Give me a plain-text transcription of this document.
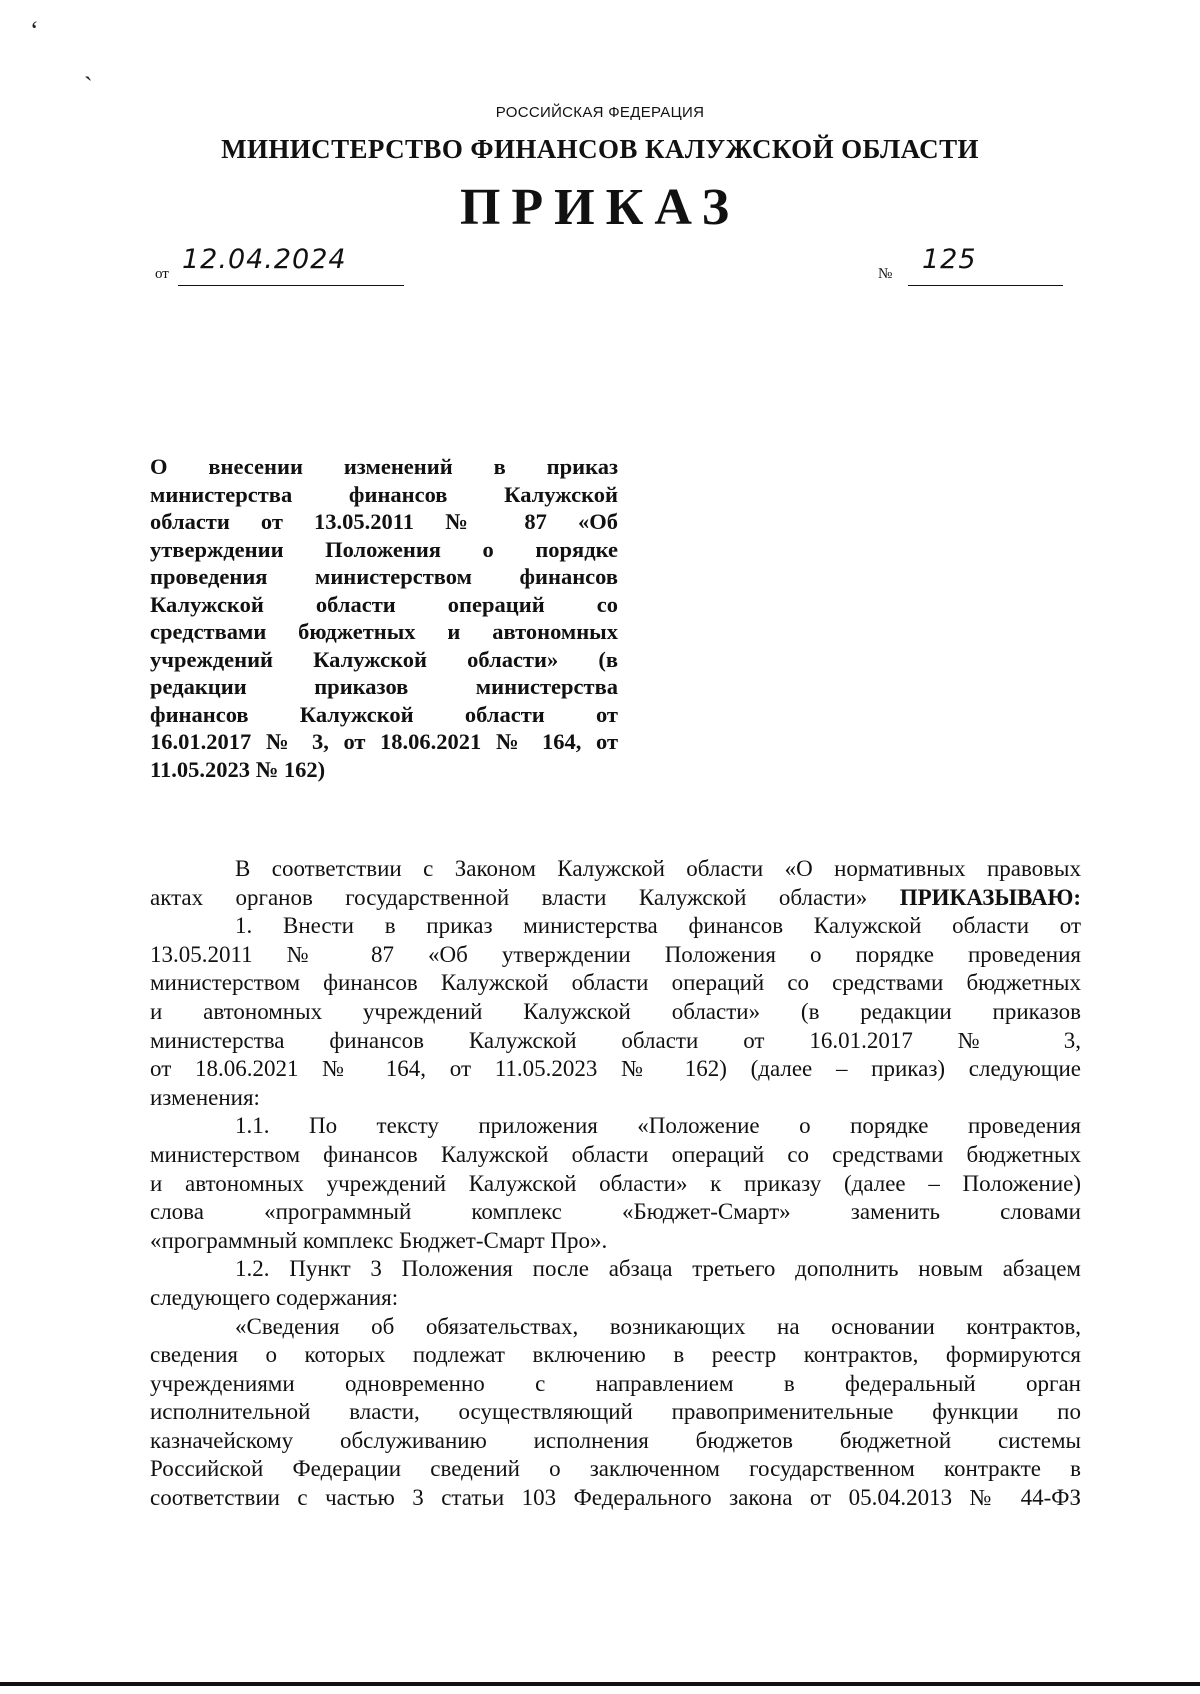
ʻ
ˏ
РОССИЙСКАЯ ФЕДЕРАЦИЯ
МИНИСТЕРСТВО ФИНАНСОВ КАЛУЖСКОЙ ОБЛАСТИ
ПРИКАЗ
от 12.04.2024	№ 125
О внесении изменений в приказ
министерства финансов Калужской
области от 13.05.2011 № 87 «Об
утверждении Положения о порядке
проведения министерством финансов
Калужской области операций со
средствами бюджетных и автономных
учреждений Калужской области» (в
редакции приказов министерства
финансов Калужской области от
16.01.2017 № 3, от 18.06.2021 № 164, от
11.05.2023 № 162)
В соответствии с Законом Калужской области «О нормативных правовых
актах органов государственной власти Калужской области» ПРИКАЗЫВАЮ:
1. Внести в приказ министерства финансов Калужской области от
13.05.2011 № 87 «Об утверждении Положения о порядке проведения
министерством финансов Калужской области операций со средствами бюджетных
и автономных учреждений Калужской области» (в редакции приказов
министерства финансов Калужской области от 16.01.2017 № 3,
от 18.06.2021 № 164, от 11.05.2023 № 162) (далее – приказ) следующие
изменения:
1.1. По тексту приложения «Положение о порядке проведения
министерством финансов Калужской области операций со средствами бюджетных
и автономных учреждений Калужской области» к приказу (далее – Положение)
слова «программный комплекс «Бюджет-Смарт» заменить словами
«программный комплекс Бюджет-Смарт Про».
1.2. Пункт 3 Положения после абзаца третьего дополнить новым абзацем
следующего содержания:
«Сведения об обязательствах, возникающих на основании контрактов,
сведения о которых подлежат включению в реестр контрактов, формируются
учреждениями одновременно с направлением в федеральный орган
исполнительной власти, осуществляющий правоприменительные функции по
казначейскому обслуживанию исполнения бюджетов бюджетной системы
Российской Федерации сведений о заключенном государственном контракте в
соответствии с частью 3 статьи 103 Федерального закона от 05.04.2013 № 44-ФЗ
